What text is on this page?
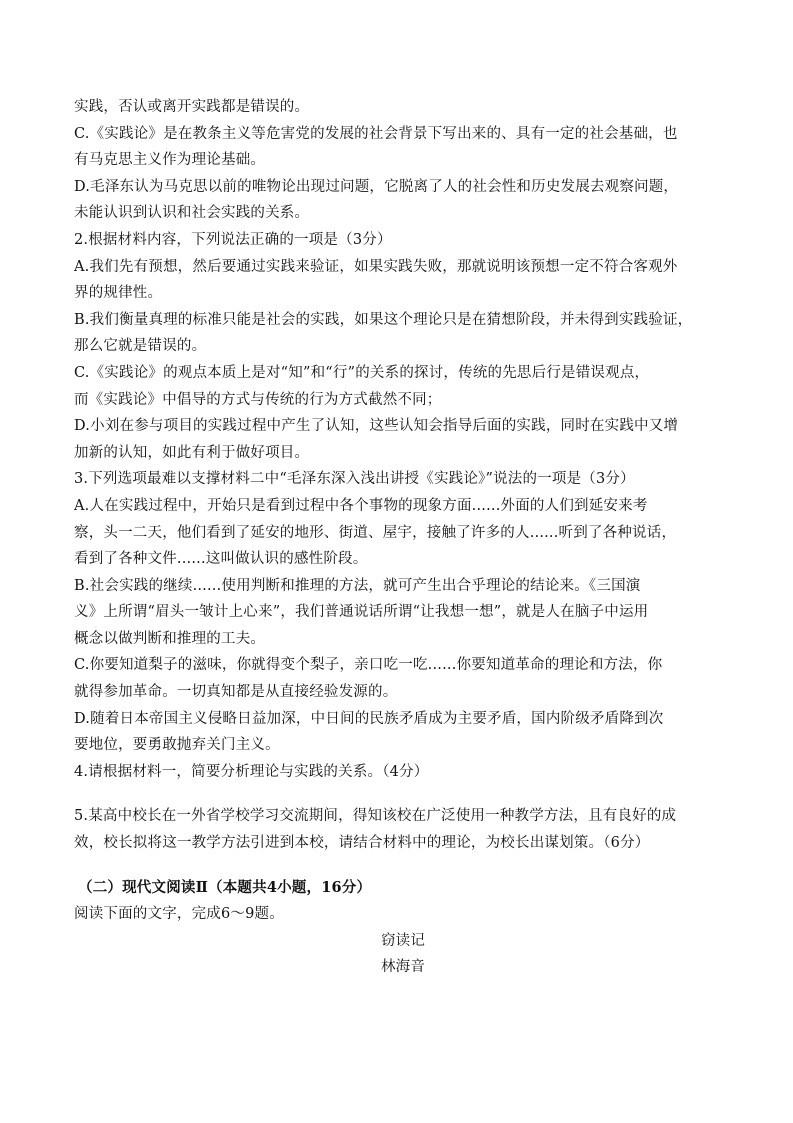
实践，否认或离开实践都是错误的。
C.《实践论》是在教条主义等危害党的发展的社会背景下写出来的、具有一定的社会基础，也
有马克思主义作为理论基础。
D.毛泽东认为马克思以前的唯物论出现过问题，它脱离了人的社会性和历史发展去观察问题，
未能认识到认识和社会实践的关系。
2.根据材料内容，下列说法正确的一项是（3分）
A.我们先有预想，然后要通过实践来验证，如果实践失败，那就说明该预想一定不符合客观外
界的规律性。
B.我们衡量真理的标准只能是社会的实践，如果这个理论只是在猜想阶段，并未得到实践验证，
那么它就是错误的。
C.《实践论》的观点本质上是对“知”和“行”的关系的探讨，传统的先思后行是错误观点，
而《实践论》中倡导的方式与传统的行为方式截然不同；
D.小刘在参与项目的实践过程中产生了认知，这些认知会指导后面的实践，同时在实践中又增
加新的认知，如此有利于做好项目。
3.下列选项最难以支撑材料二中“毛泽东深入浅出讲授《实践论》”说法的一项是（3分）
A.人在实践过程中，开始只是看到过程中各个事物的现象方面......外面的人们到延安来考
察，头一二天，他们看到了延安的地形、街道、屋宇，接触了许多的人......听到了各种说话，
看到了各种文件......这叫做认识的感性阶段。
B.社会实践的继续......使用判断和推理的方法，就可产生出合乎理论的结论来。《三国演
义》上所谓“眉头一皱计上心来”，我们普通说话所谓“让我想一想”，就是人在脑子中运用
概念以做判断和推理的工夫。
C.你要知道梨子的滋味，你就得变个梨子，亲口吃一吃......你要知道革命的理论和方法，你
就得参加革命。一切真知都是从直接经验发源的。
D.随着日本帝国主义侵略日益加深，中日间的民族矛盾成为主要矛盾，国内阶级矛盾降到次
要地位，要勇敢抛弃关门主义。
4.请根据材料一，简要分析理论与实践的关系。（4分）
5.某高中校长在一外省学校学习交流期间，得知该校在广泛使用一种教学方法，且有良好的成
效，校长拟将这一教学方法引进到本校，请结合材料中的理论，为校长出谋划策。（6分）
（二）现代文阅读Ⅱ（本题共4小题，16分）
阅读下面的文字，完成6～9题。
窃读记
林海音
